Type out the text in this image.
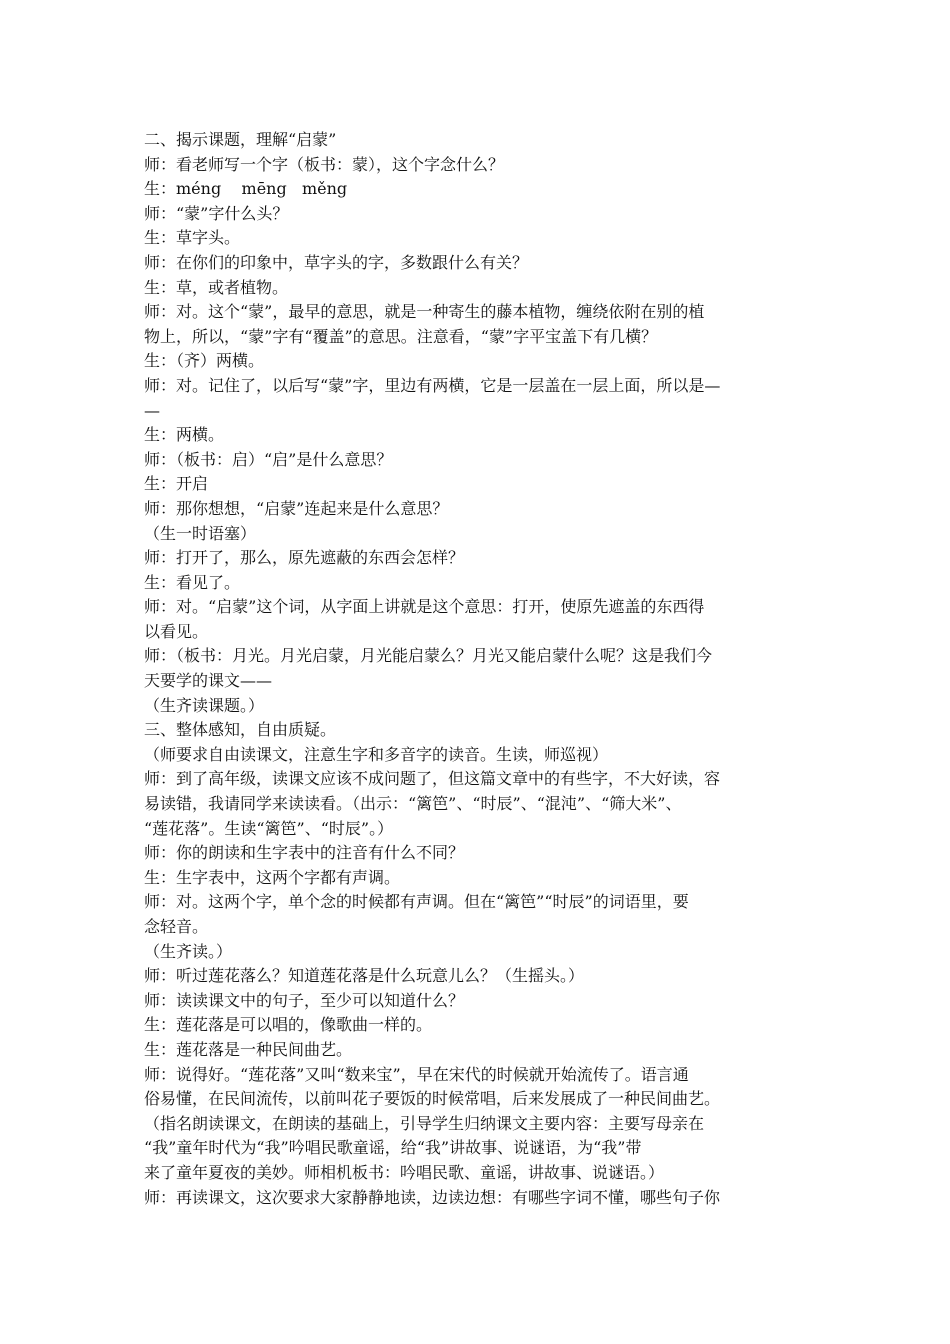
二、揭示课题，理解“启蒙”
师：看老师写一个字（板书：蒙），这个字念什么？
生：méng    mēng   měng
师：“蒙”字什么头？
生：草字头。
师：在你们的印象中，草字头的字，多数跟什么有关？
生：草，或者植物。
师：对。这个“蒙”，最早的意思，就是一种寄生的藤本植物，缠绕依附在别的植
物上，所以，“蒙”字有“覆盖”的意思。注意看，“蒙”字平宝盖下有几横？
生：（齐）两横。
师：对。记住了，以后写“蒙”字，里边有两横，它是一层盖在一层上面，所以是—
—
生：两横。
师：（板书：启）“启”是什么意思？
生：开启
师：那你想想，“启蒙”连起来是什么意思？
（生一时语塞）
师：打开了，那么，原先遮蔽的东西会怎样？
生：看见了。
师：对。“启蒙”这个词，从字面上讲就是这个意思：打开，使原先遮盖的东西得
以看见。
师：（板书：月光。月光启蒙，月光能启蒙么？月光又能启蒙什么呢？这是我们今
天要学的课文——
（生齐读课题。）
三、整体感知，自由质疑。
（师要求自由读课文，注意生字和多音字的读音。生读，师巡视）
师：到了高年级，读课文应该不成问题了，但这篇文章中的有些字，不大好读，容
易读错，我请同学来读读看。（出示：“篱笆”、“时辰”、“混沌”、“筛大米”、
“莲花落”。生读“篱笆”、“时辰”。）
师：你的朗读和生字表中的注音有什么不同？
生：生字表中，这两个字都有声调。
师：对。这两个字，单个念的时候都有声调。但在“篱笆”“时辰”的词语里，要
念轻音。
（生齐读。）
师：听过莲花落么？知道莲花落是什么玩意儿么？（生摇头。）
师：读读课文中的句子，至少可以知道什么？
生：莲花落是可以唱的，像歌曲一样的。
生：莲花落是一种民间曲艺。
师：说得好。“莲花落”又叫“数来宝”，早在宋代的时候就开始流传了。语言通
俗易懂，在民间流传，以前叫花子要饭的时候常唱，后来发展成了一种民间曲艺。
（指名朗读课文，在朗读的基础上，引导学生归纳课文主要内容：主要写母亲在
“我”童年时代为“我”吟唱民歌童谣，给“我”讲故事、说谜语，为“我”带
来了童年夏夜的美妙。师相机板书：吟唱民歌、童谣，讲故事、说谜语。）
师：再读课文，这次要求大家静静地读，边读边想：有哪些字词不懂，哪些句子你
